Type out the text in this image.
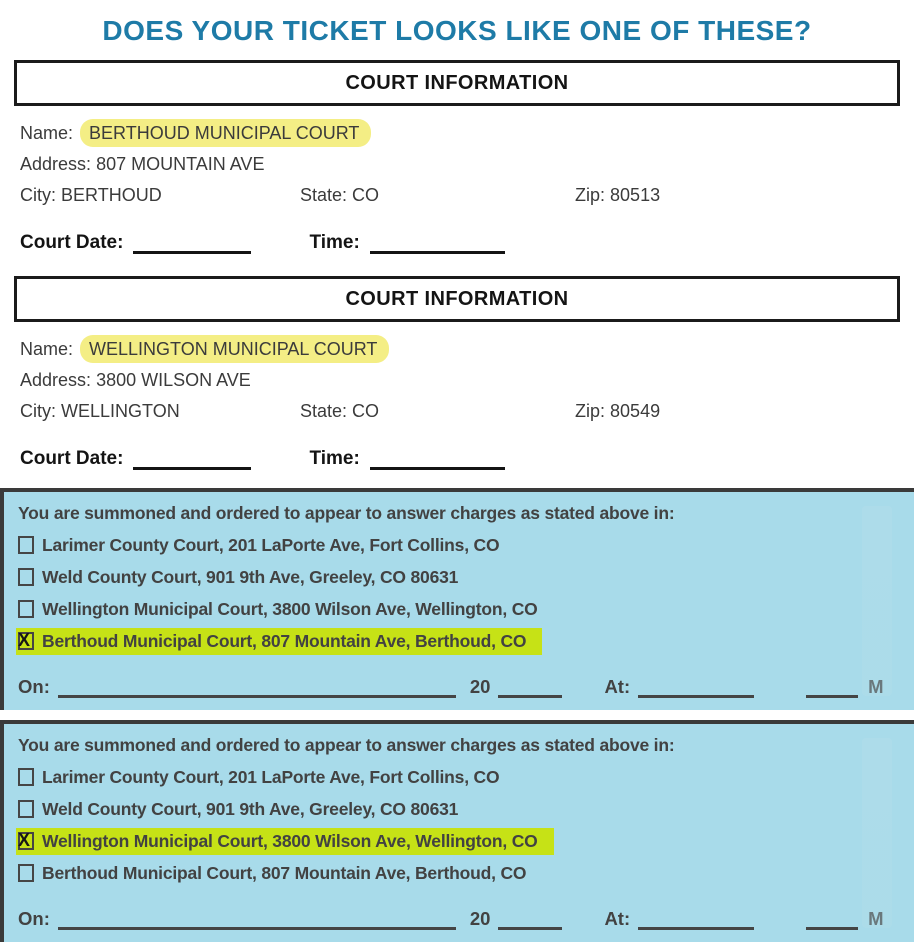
DOES YOUR TICKET LOOKS LIKE ONE OF THESE?
COURT INFORMATION
Name: BERTHOUD MUNICIPAL COURT
Address: 807 MOUNTAIN AVE
City: BERTHOUD	State: CO	Zip: 80513
Court Date:	Time:
COURT INFORMATION
Name: WELLINGTON MUNICIPAL COURT
Address: 3800 WILSON AVE
City: WELLINGTON	State: CO	Zip: 80549
Court Date:	Time:
You are summoned and ordered to appear to answer charges as stated above in:
Larimer County Court, 201 LaPorte Ave, Fort Collins, CO
Weld County Court, 901 9th Ave, Greeley, CO 80631
Wellington Municipal Court, 3800 Wilson Ave, Wellington, CO
X Berthoud Municipal Court, 807 Mountain Ave, Berthoud, CO
On:	20	At:	M
You are summoned and ordered to appear to answer charges as stated above in:
Larimer County Court, 201 LaPorte Ave, Fort Collins, CO
Weld County Court, 901 9th Ave, Greeley, CO 80631
X Wellington Municipal Court, 3800 Wilson Ave, Wellington, CO
Berthoud Municipal Court, 807 Mountain Ave, Berthoud, CO
On:	20	At:	M
